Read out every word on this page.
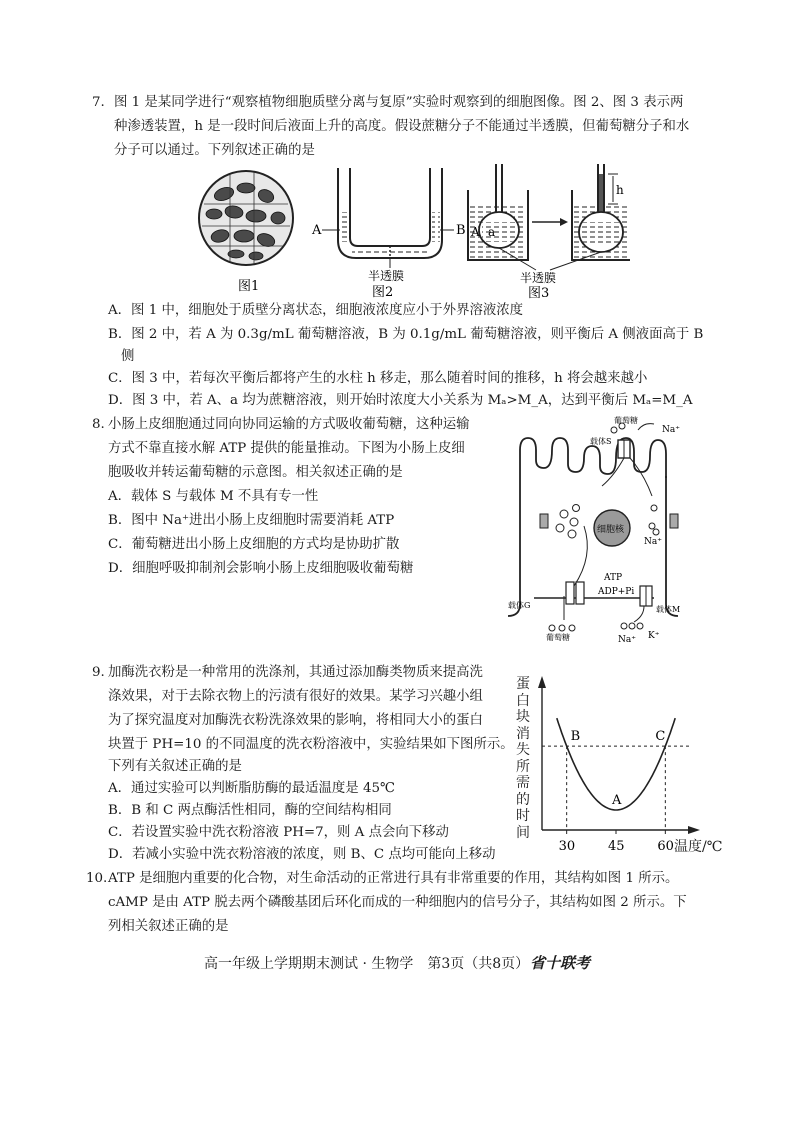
7. 图 1 是某同学进行“观察植物细胞质壁分离与复原”实验时观察到的细胞图像。图 2、图 3 表示两
种渗透装置，h 是一段时间后液面上升的高度。假设蔗糖分子不能通过半透膜，但葡萄糖分子和水
分子可以通过。下列叙述正确的是
图1
A	B
半透膜
图2
A a
h
半透膜
图3
A．图 1 中，细胞处于质壁分离状态，细胞液浓度应小于外界溶液浓度
B．图 2 中，若 A 为 0.3g/mL 葡萄糖溶液，B 为 0.1g/mL 葡萄糖溶液，则平衡后 A 侧液面高于 B
侧
C．图 3 中，若每次平衡后都将产生的水柱 h 移走，那么随着时间的推移，h 将会越来越小
D．图 3 中，若 A、a 均为蔗糖溶液，则开始时浓度大小关系为 Mₐ>M_A，达到平衡后 Mₐ=M_A
8. 小肠上皮细胞通过同向协同运输的方式吸收葡萄糖，这种运输
方式不靠直接水解 ATP 提供的能量推动。下图为小肠上皮细
胞吸收并转运葡萄糖的示意图。相关叙述正确的是
A．载体 S 与载体 M 不具有专一性
B．图中 Na⁺进出小肠上皮细胞时需要消耗 ATP
C．葡萄糖进出小肠上皮细胞的方式均是协助扩散
D．细胞呼吸抑制剂会影响小肠上皮细胞吸收葡萄糖
细胞核
葡萄糖
载体S
Na⁺
Na⁺
ATP
ADP+Pi
载体G	载体M
葡萄糖	Na⁺ K⁺
9. 加酶洗衣粉是一种常用的洗涤剂，其通过添加酶类物质来提高洗
涤效果，对于去除衣物上的污渍有很好的效果。某学习兴趣小组
为了探究温度对加酶洗衣粉洗涤效果的影响，将相同大小的蛋白
块置于 PH=10 的不同温度的洗衣粉溶液中，实验结果如下图所示。
下列有关叙述正确的是
A．通过实验可以判断脂肪酶的最适温度是 45℃
B．B 和 C 两点酶活性相同，酶的空间结构相同
C．若设置实验中洗衣粉溶液 PH=7，则 A 点会向下移动
D．若减小实验中洗衣粉溶液的浓度，则 B、C 点均可能向上移动
蛋白块消失所需的时间
B
A
C
30	45	60 温度/℃
10. ATP 是细胞内重要的化合物，对生命活动的正常进行具有非常重要的作用，其结构如图 1 所示。
cAMP 是由 ATP 脱去两个磷酸基团后环化而成的一种细胞内的信号分子，其结构如图 2 所示。下
列相关叙述正确的是
高一年级上学期期末测试 · 生物学　第3页（共8页） 省十联考
